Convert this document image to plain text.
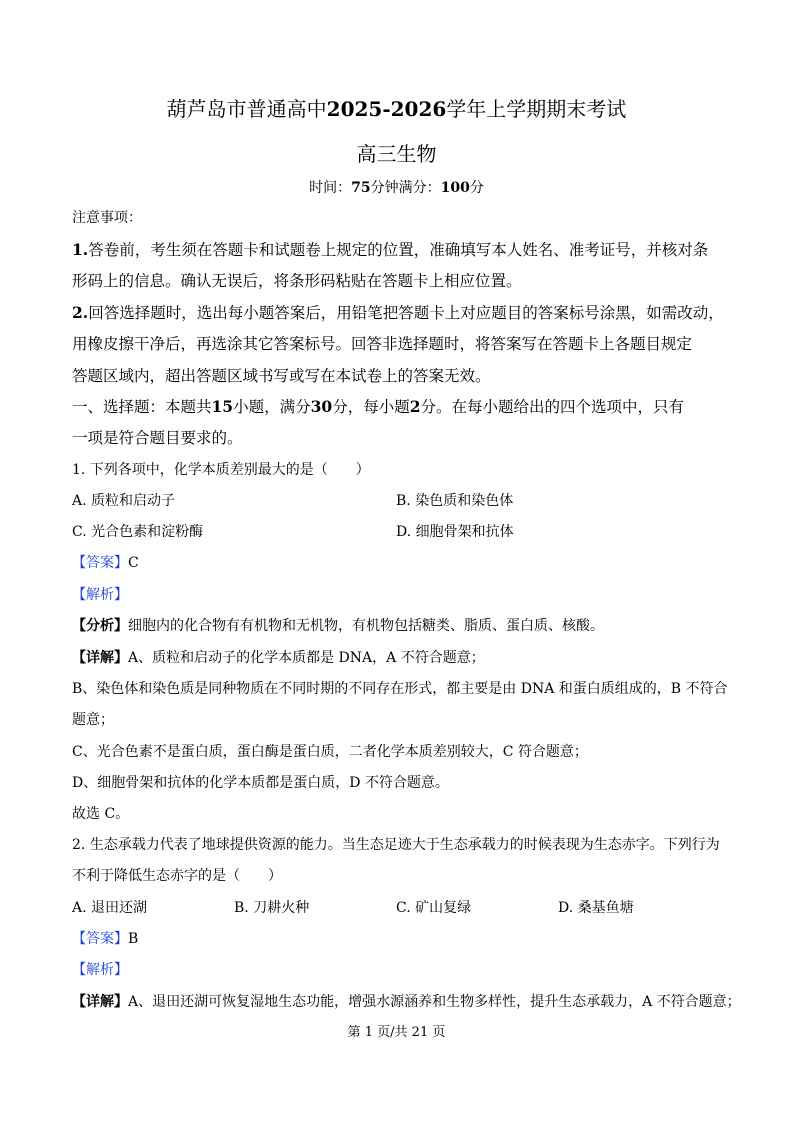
葫芦岛市普通高中2025-2026学年上学期期末考试
高三生物
时间：75分钟满分：100分
注意事项：
1.答卷前，考生须在答题卡和试题卷上规定的位置，准确填写本人姓名、准考证号，并核对条
形码上的信息。确认无误后，将条形码粘贴在答题卡上相应位置。
2.回答选择题时，选出每小题答案后，用铅笔把答题卡上对应题目的答案标号涂黑，如需改动，
用橡皮擦干净后，再选涂其它答案标号。回答非选择题时，将答案写在答题卡上各题目规定
答题区域内，超出答题区域书写或写在本试卷上的答案无效。
一、选择题：本题共15小题，满分30分，每小题2分。在每小题给出的四个选项中，只有
一项是符合题目要求的。
1. 下列各项中，化学本质差别最大的是（　　）
A. 质粒和启动子	B. 染色质和染色体
C. 光合色素和淀粉酶	D. 细胞骨架和抗体
【答案】C
【解析】
【分析】细胞内的化合物有有机物和无机物，有机物包括糖类、脂质、蛋白质、核酸。
【详解】A、质粒和启动子的化学本质都是 DNA，A 不符合题意；
B、染色体和染色质是同种物质在不同时期的不同存在形式，都主要是由 DNA 和蛋白质组成的，B 不符合
题意；
C、光合色素不是蛋白质，蛋白酶是蛋白质，二者化学本质差别较大，C 符合题意；
D、细胞骨架和抗体的化学本质都是蛋白质，D 不符合题意。
故选 C。
2. 生态承载力代表了地球提供资源的能力。当生态足迹大于生态承载力的时候表现为生态赤字。下列行为
不利于降低生态赤字的是（　　）
A. 退田还湖	B. 刀耕火种	C. 矿山复绿	D. 桑基鱼塘
【答案】B
【解析】
【详解】A、退田还湖可恢复湿地生态功能，增强水源涵养和生物多样性，提升生态承载力，A 不符合题意；
第 1 页/共 21 页
